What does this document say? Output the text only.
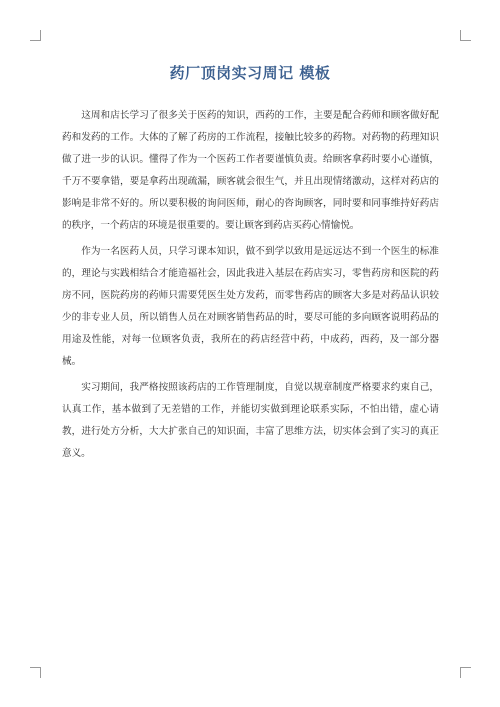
药厂顶岗实习周记 模板

这周和店长学习了很多关于医药的知识，西药的工作，主要是配合药师和顾客做好配药和发药的工作。大体的了解了药房的工作流程，接触比较多的药物。对药物的药理知识做了进一步的认识。懂得了作为一个医药工作者要谨慎负责。给顾客拿药时要小心谨慎，千万不要拿错，要是拿药出现疏漏，顾客就会很生气，并且出现情绪激动，这样对药店的影响是非常不好的。所以要积极的询问医师，耐心的咨询顾客，同时要和同事维持好药店的秩序，一个药店的环境是很重要的。要让顾客到药店买药心情愉悦。

作为一名医药人员，只学习课本知识，做不到学以致用是远远达不到一个医生的标准的，理论与实践相结合才能造福社会，因此我进入基层在药店实习，零售药房和医院的药房不同，医院药房的药师只需要凭医生处方发药，而零售药店的顾客大多是对药品认识较少的非专业人员，所以销售人员在对顾客销售药品的时，要尽可能的多向顾客说明药品的用途及性能，对每一位顾客负责，我所在的药店经营中药，中成药，西药，及一部分器械。

实习期间，我严格按照该药店的工作管理制度，自觉以规章制度严格要求约束自己，认真工作，基本做到了无差错的工作，并能切实做到理论联系实际，不怕出错，虚心请教，进行处方分析，大大扩张自己的知识面，丰富了思维方法，切实体会到了实习的真正意义。
